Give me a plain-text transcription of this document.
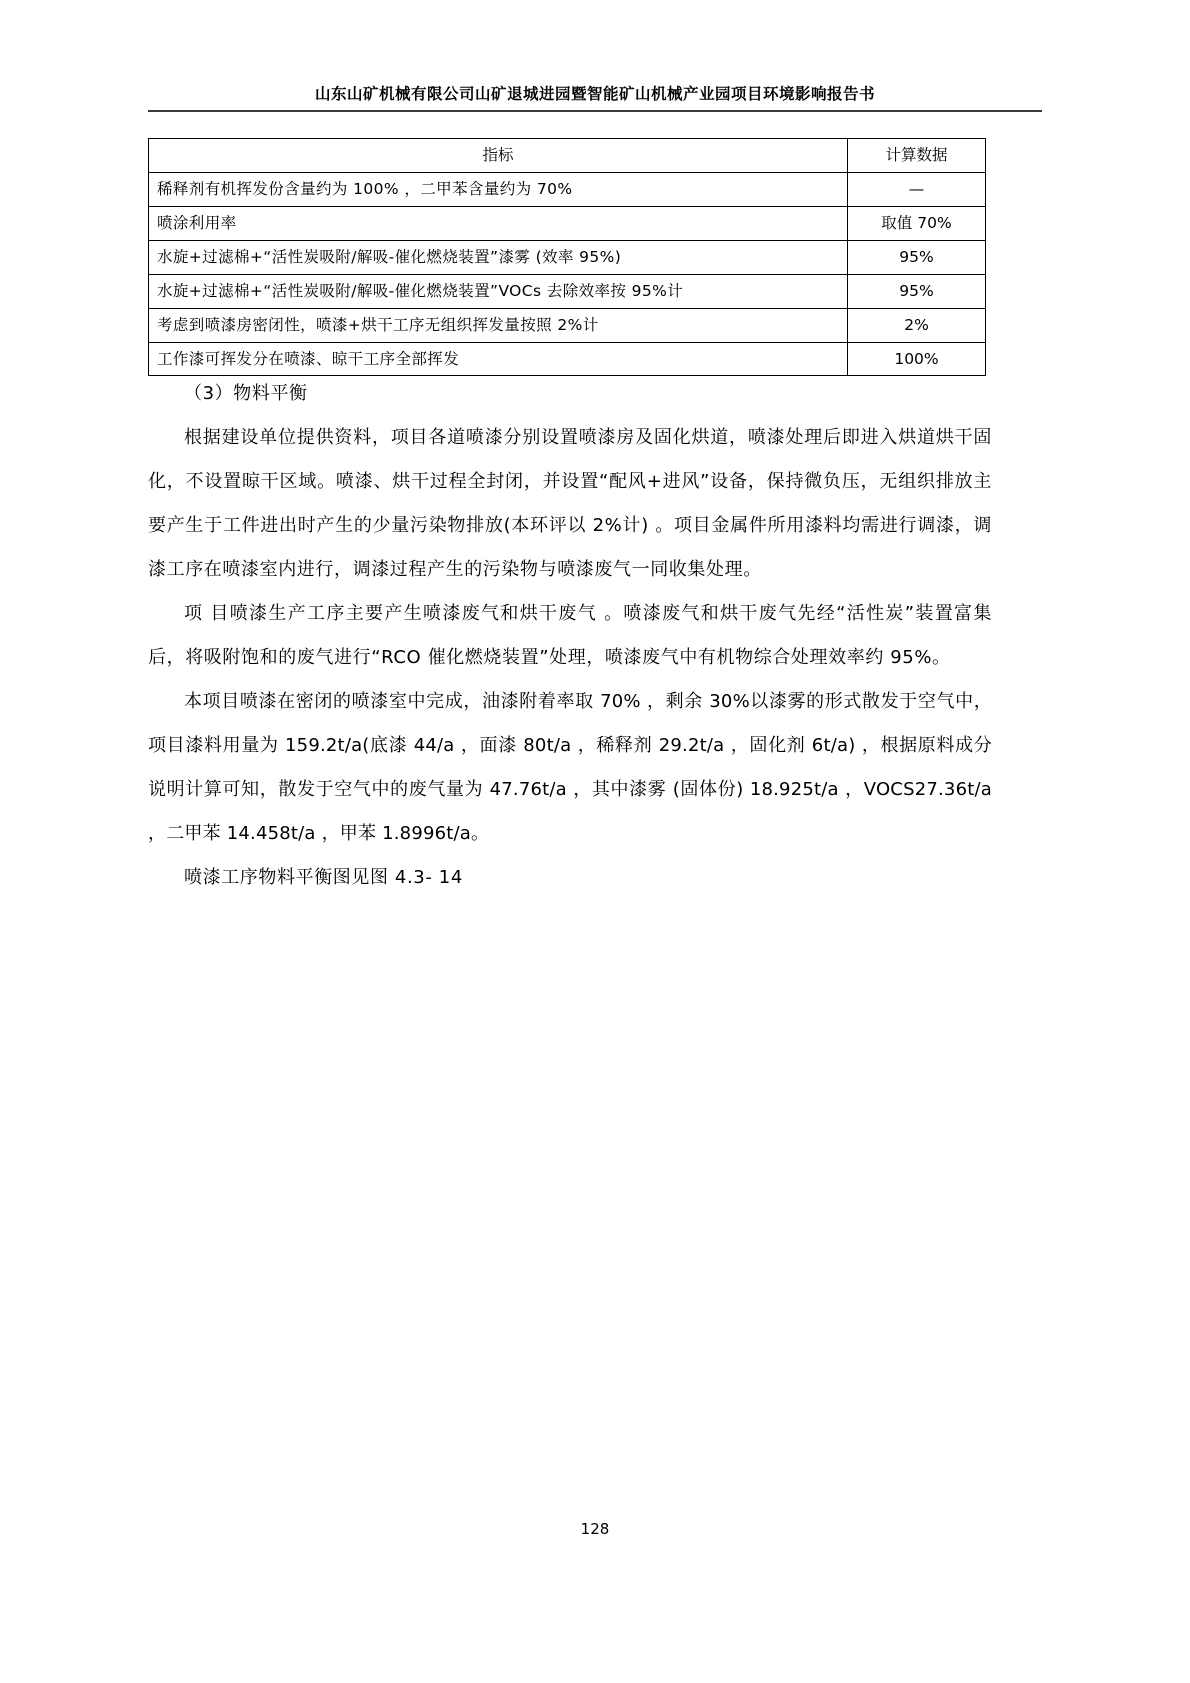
山东山矿机械有限公司山矿退城进园暨智能矿山机械产业园项目环境影响报告书
指标	计算数据
稀释剂有机挥发份含量约为 100% ，二甲苯含量约为 70%	—
喷涂利用率	取值 70%
水旋+过滤棉+“活性炭吸附/解吸-催化燃烧装置”漆雾 (效率 95%)	95%
水旋+过滤棉+“活性炭吸附/解吸-催化燃烧装置”VOCs 去除效率按 95%计	95%
考虑到喷漆房密闭性，喷漆+烘干工序无组织挥发量按照 2%计	2%
工作漆可挥发分在喷漆、晾干工序全部挥发	100%

（3）物料平衡

根据建设单位提供资料，项目各道喷漆分别设置喷漆房及固化烘道，喷漆处理后即进入烘道烘干固化，不设置晾干区域。喷漆、烘干过程全封闭，并设置“配风+进风”设备，保持微负压，无组织排放主要产生于工件进出时产生的少量污染物排放(本环评以 2%计) 。项目金属件所用漆料均需进行调漆，调漆工序在喷漆室内进行，调漆过程产生的污染物与喷漆废气一同收集处理。

项 目喷漆生产工序主要产生喷漆废气和烘干废气 。喷漆废气和烘干废气先经“活性炭”装置富集后，将吸附饱和的废气进行“RCO 催化燃烧装置”处理，喷漆废气中有机物综合处理效率约 95%。

本项目喷漆在密闭的喷漆室中完成，油漆附着率取 70% ，剩余 30%以漆雾的形式散发于空气中，项目漆料用量为 159.2t/a(底漆 44/a ，面漆 80t/a ，稀释剂 29.2t/a ，固化剂 6t/a) ，根据原料成分说明计算可知，散发于空气中的废气量为 47.76t/a ，其中漆雾 (固体份) 18.925t/a ，VOCS27.36t/a ，二甲苯 14.458t/a ，甲苯 1.8996t/a。

喷漆工序物料平衡图见图 4.3- 14

128
